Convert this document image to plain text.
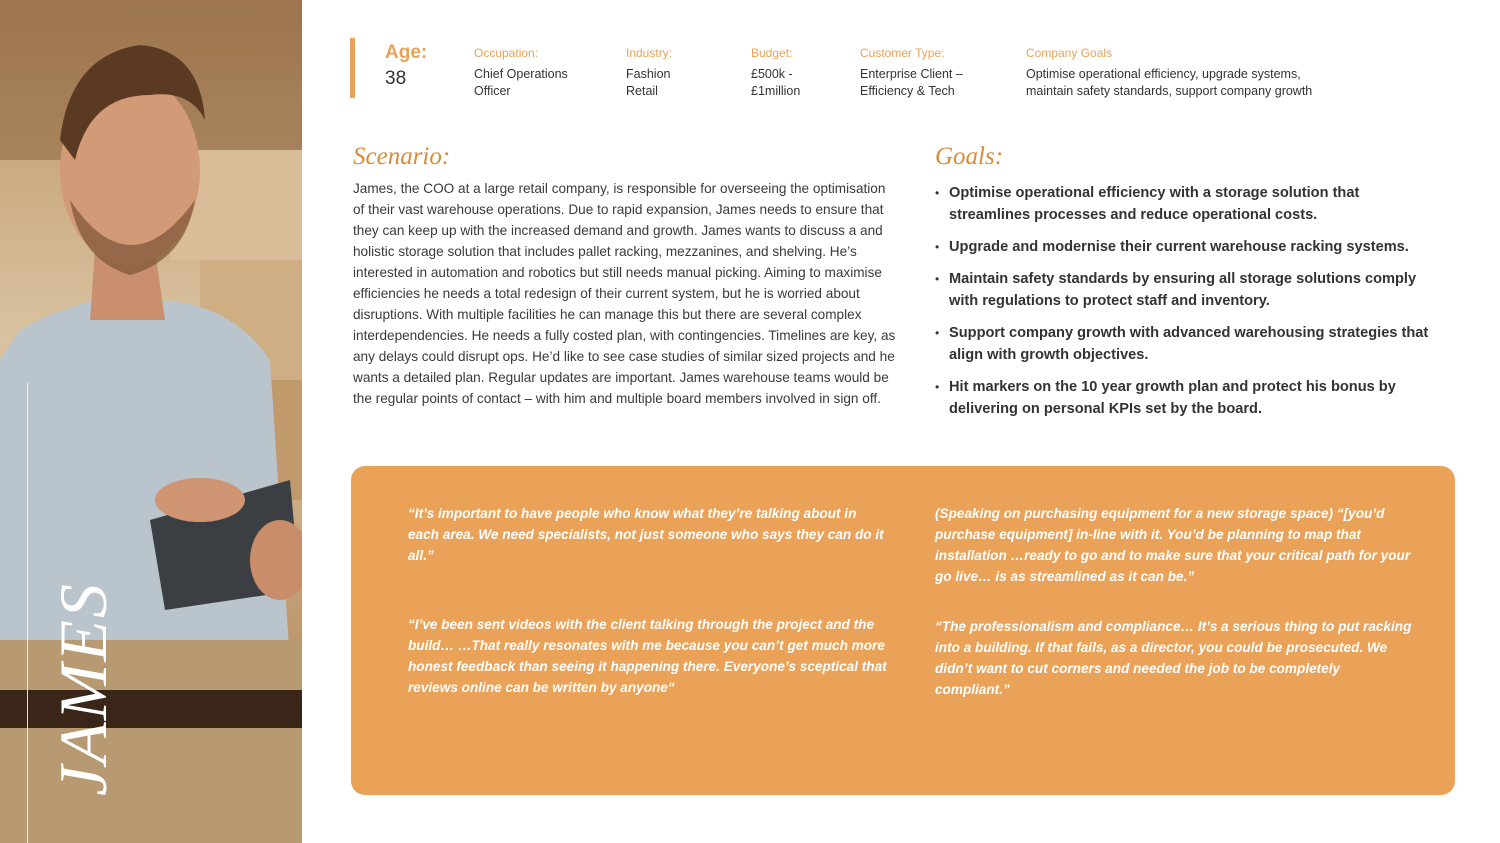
JAMES
Age:
38
Occupation:
Chief Operations
Officer
Industry:
Fashion
Retail
Budget:
£500k -
£1million
Customer Type:
Enterprise Client –
Efficiency & Tech
Company Goals
Optimise operational efficiency, upgrade systems,
maintain safety standards, support company growth
Scenario:
James, the COO at a large retail company, is responsible for overseeing the optimisation of their vast warehouse operations. Due to rapid expansion, James needs to ensure that they can keep up with the increased demand and growth. James wants to discuss a and holistic storage solution that includes pallet racking, mezzanines, and shelving. He’s interested in automation and robotics but still needs manual picking. Aiming to maximise efficiencies he needs a total redesign of their current system, but he is worried about disruptions. With multiple facilities he can manage this but there are several complex interdependencies. He needs a fully costed plan, with contingencies. Timelines are key, as any delays could disrupt ops. He’d like to see case studies of similar sized projects and he wants a detailed plan. Regular updates are important. James warehouse teams would be the regular points of contact – with him and multiple board members involved in sign off.
Goals:
• Optimise operational efficiency with a storage solution that streamlines processes and reduce operational costs.
• Upgrade and modernise their current warehouse racking systems.
• Maintain safety standards by ensuring all storage solutions comply with regulations to protect staff and inventory.
• Support company growth with advanced warehousing strategies that align with growth objectives.
• Hit markers on the 10 year growth plan and protect his bonus by delivering on personal KPIs set by the board.
“It’s important to have people who know what they’re talking about in each area. We need specialists, not just someone who says they can do it all.”
(Speaking on purchasing equipment for a new storage space) “[you’d purchase equipment] in-line with it. You’d be planning to map that installation …ready to go and to make sure that your critical path for your go live… is as streamlined as it can be.”
“I’ve been sent videos with the client talking through the project and the build… …That really resonates with me because you can’t get much more honest feedback than seeing it happening there. Everyone’s sceptical that reviews online can be written by anyone“
“The professionalism and compliance… It’s a serious thing to put racking into a building. If that fails, as a director, you could be prosecuted. We didn’t want to cut corners and needed the job to be completely compliant.”
